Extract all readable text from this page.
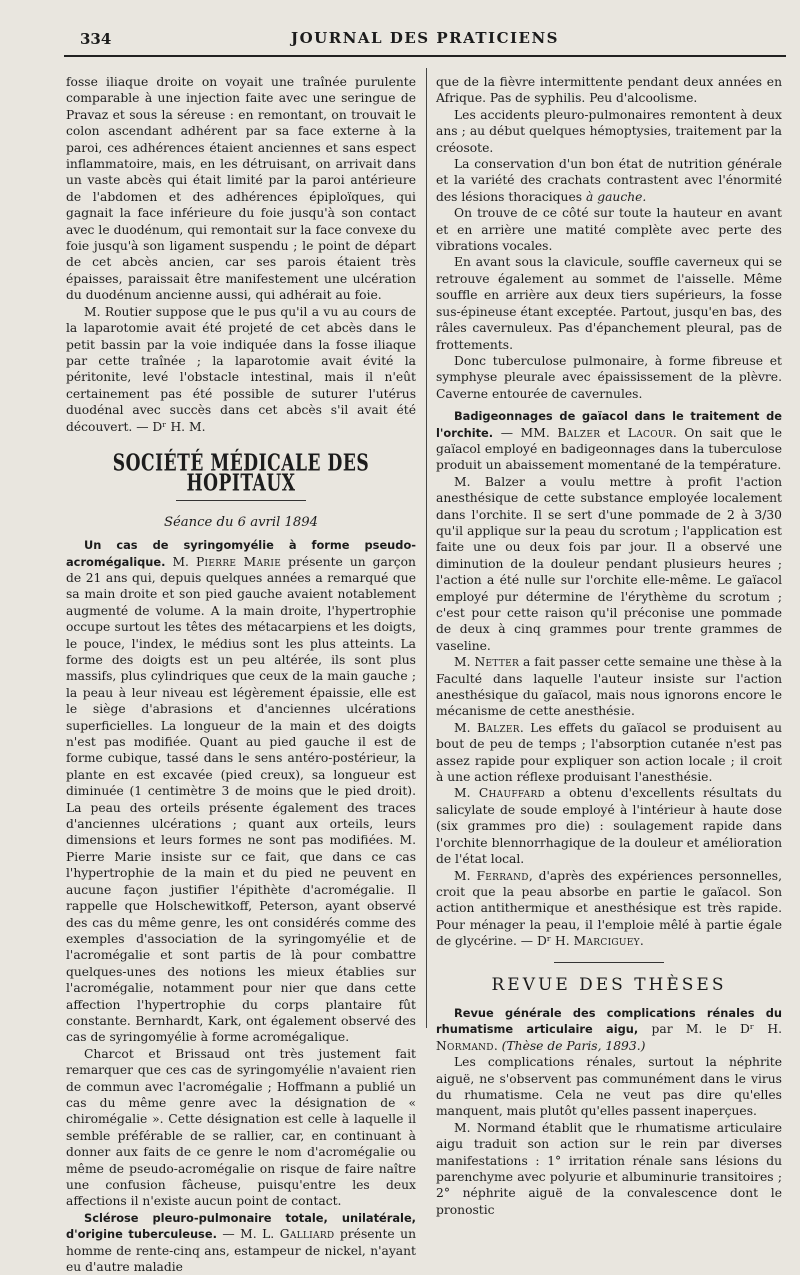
334	JOURNAL DES PRATICIENS

fosse iliaque droite on voyait une traînée purulente comparable à une injection faite avec une seringue de Pravaz et sous la séreuse : en remontant, on trouvait le colon ascendant adhérent par sa face externe à la paroi, ces adhérences étaient anciennes et sans espect inflammatoire, mais, en les détruisant, on arrivait dans un vaste abcès qui était limité par la paroi antérieure de l'abdomen et des adhérences épiploïques, qui gagnait la face inférieure du foie jusqu'à son contact avec le duodénum, qui remontait sur la face convexe du foie jusqu'à son ligament suspendu ; le point de départ de cet abcès ancien, car ses parois étaient très épaisses, paraissait être manifestement une ulcération du duodénum ancienne aussi, qui adhérait au foie.

M. Routier suppose que le pus qu'il a vu au cours de la laparotomie avait été projeté de cet abcès dans le petit bassin par la voie indiquée dans la fosse iliaque par cette traînée ; la laparotomie avait évité la péritonite, levé l'obstacle intestinal, mais il n'eût certainement pas été possible de suturer l'utérus duodénal avec succès dans cet abcès s'il avait été découvert. — Dʳ H. M.

SOCIÉTÉ MÉDICALE DES HOPITAUX
Séance du 6 avril 1894

Un cas de syringomyélie à forme pseudo-acromégalique. M. Pierre Marie présente un garçon de 21 ans qui, depuis quelques années a remarqué que sa main droite et son pied gauche avaient notablement augmenté de volume. A la main droite, l'hypertrophie occupe surtout les têtes des métacarpiens et les doigts, le pouce, l'index, le médius sont les plus atteints. La forme des doigts est un peu altérée, ils sont plus massifs, plus cylindriques que ceux de la main gauche ; la peau à leur niveau est légèrement épaissie, elle est le siège d'abrasions et d'anciennes ulcérations superficielles. La longueur de la main et des doigts n'est pas modifiée. Quant au pied gauche il est de forme cubique, tassé dans le sens antéro-postérieur, la plante en est excavée (pied creux), sa longueur est diminuée (1 centimètre 3 de moins que le pied droit). La peau des orteils présente également des traces d'anciennes ulcérations ; quant aux orteils, leurs dimensions et leurs formes ne sont pas modifiées. M. Pierre Marie insiste sur ce fait, que dans ce cas l'hypertrophie de la main et du pied ne peuvent en aucune façon justifier l'épithète d'acromégalie. Il rappelle que Holschewitkoff, Peterson, ayant observé des cas du même genre, les ont considérés comme des exemples d'association de la syringomyélie et de l'acromégalie et sont partis de là pour combattre quelques-unes des notions les mieux établies sur l'acromégalie, notamment pour nier que dans cette affection l'hypertrophie du corps plantaire fût constante. Bernhardt, Kark, ont également observé des cas de syringomyélie à forme acromégalique.

Charcot et Brissaud ont très justement fait remarquer que ces cas de syringomyélie n'avaient rien de commun avec l'acromégalie ; Hoffmann a publié un cas du même genre avec la désignation de « chiromégalie ». Cette désignation est celle à laquelle il semble préférable de se rallier, car, en continuant à donner aux faits de ce genre le nom d'acromégalie ou même de pseudo-acromégalie on risque de faire naître une confusion fâcheuse, puisqu'entre les deux affections il n'existe aucun point de contact.

Sclérose pleuro-pulmonaire totale, unilatérale, d'origine tuberculeuse. — M. L. Galliard présente un homme de rente-cinq ans, estampeur de nickel, n'ayant eu d'autre maladie

que de la fièvre intermittente pendant deux années en Afrique. Pas de syphilis. Peu d'alcoolisme.

Les accidents pleuro-pulmonaires remontent à deux ans ; au début quelques hémoptysies, traitement par la créosote.

La conservation d'un bon état de nutrition générale et la variété des crachats contrastent avec l'énormité des lésions thoraciques à gauche.

On trouve de ce côté sur toute la hauteur en avant et en arrière une matité complète avec perte des vibrations vocales.

En avant sous la clavicule, souffle caverneux qui se retrouve également au sommet de l'aisselle. Même souffle en arrière aux deux tiers supérieurs, la fosse sus-épineuse étant exceptée. Partout, jusqu'en bas, des râles cavernuleux. Pas d'épanchement pleural, pas de frottements.

Donc tuberculose pulmonaire, à forme fibreuse et symphyse pleurale avec épaississement de la plèvre. Caverne entourée de cavernules.

Badigeonnages de gaïacol dans le traitement de l'orchite. — MM. Balzer et Lacour. On sait que le gaïacol employé en badigeonnages dans la tuberculose produit un abaissement momentané de la température.

M. Balzer a voulu mettre à profit l'action anesthésique de cette substance employée localement dans l'orchite. Il se sert d'une pommade de 2 à 3/30 qu'il applique sur la peau du scrotum ; l'application est faite une ou deux fois par jour. Il a observé une diminution de la douleur pendant plusieurs heures ; l'action a été nulle sur l'orchite elle-même. Le gaïacol employé pur détermine de l'érythème du scrotum ; c'est pour cette raison qu'il préconise une pommade de deux à cinq grammes pour trente grammes de vaseline.

M. Netter a fait passer cette semaine une thèse à la Faculté dans laquelle l'auteur insiste sur l'action anesthésique du gaïacol, mais nous ignorons encore le mécanisme de cette anesthésie.

M. Balzer. Les effets du gaïacol se produisent au bout de peu de temps ; l'absorption cutanée n'est pas assez rapide pour expliquer son action locale ; il croit à une action réflexe produisant l'anesthésie.

M. Chauffard a obtenu d'excellents résultats du salicylate de soude employé à l'intérieur à haute dose (six grammes pro die) : soulagement rapide dans l'orchite blennorrhagique de la douleur et amélioration de l'état local.

M. Ferrand, d'après des expériences personnelles, croit que la peau absorbe en partie le gaïacol. Son action antithermique et anesthésique est très rapide. Pour ménager la peau, il l'emploie mêlé à partie égale de glycérine. — Dʳ H. Marciguey.

REVUE DES THÈSES

Revue générale des complications rénales du rhumatisme articulaire aigu, par M. le Dʳ H. Normand. (Thèse de Paris, 1893.)

Les complications rénales, surtout la néphrite aiguë, ne s'observent pas communément dans le virus du rhumatisme. Cela ne veut pas dire qu'elles manquent, mais plutôt qu'elles passent inaperçues.

M. Normand établit que le rhumatisme articulaire aigu traduit son action sur le rein par diverses manifestations : 1° irritation rénale sans lésions du parenchyme avec polyurie et albuminurie transitoires ; 2° néphrite aiguë de la convalescence dont le pronostic
